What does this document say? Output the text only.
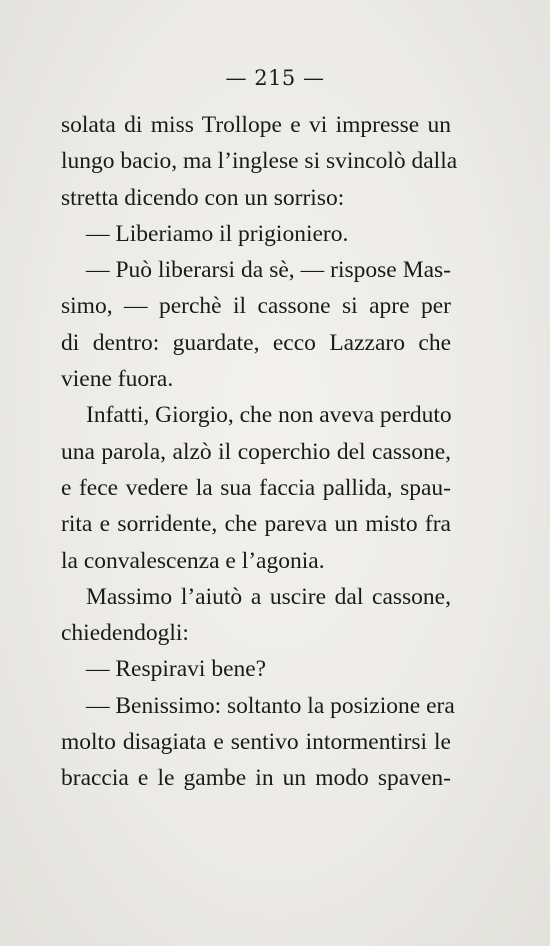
— 215 —
solata di miss Trollope e vi impresse un
lungo bacio, ma l’inglese si svincolò dalla
stretta dicendo con un sorriso:
— Liberiamo il prigioniero.
— Può liberarsi da sè, — rispose Mas-
simo, — perchè il cassone si apre per
di dentro: guardate, ecco Lazzaro che
viene fuora.
Infatti, Giorgio, che non aveva perduto
una parola, alzò il coperchio del cassone,
e fece vedere la sua faccia pallida, spau-
rita e sorridente, che pareva un misto fra
la convalescenza e l’agonia.
Massimo l’aiutò a uscire dal cassone,
chiedendogli:
— Respiravi bene?
— Benissimo: soltanto la posizione era
molto disagiata e sentivo intormentirsi le
braccia e le gambe in un modo spaven-
